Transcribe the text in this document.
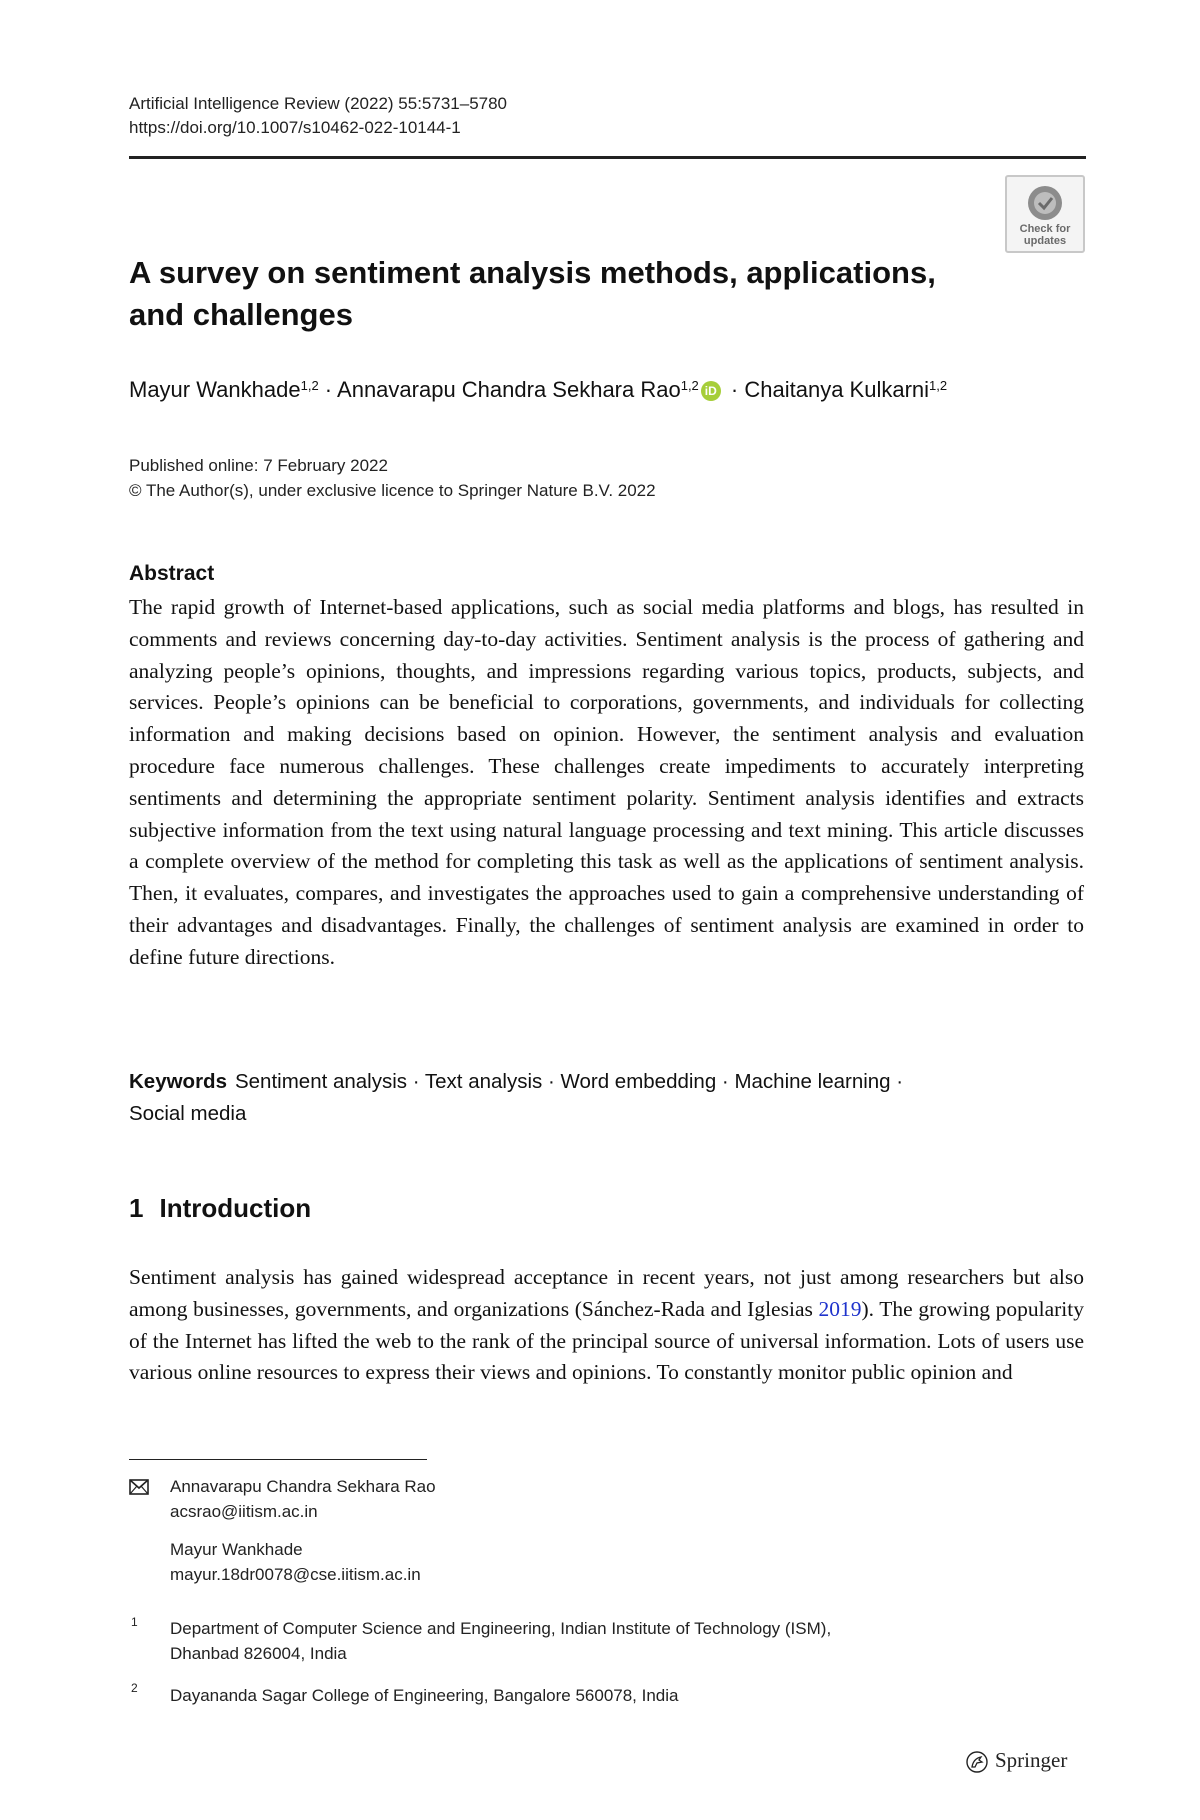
Artificial Intelligence Review (2022) 55:5731–5780
https://doi.org/10.1007/s10462-022-10144-1
Check for updates
A survey on sentiment analysis methods, applications, and challenges
Mayur Wankhade$^{1,2}$ · Annavarapu Chandra Sekhara Rao$^{1,2}$ iD · Chaitanya Kulkarni$^{1,2}$
Published online: 7 February 2022
© The Author(s), under exclusive licence to Springer Nature B.V. 2022
Abstract
The rapid growth of Internet-based applications, such as social media platforms and blogs, has resulted in comments and reviews concerning day-to-day activities. Sentiment analysis is the process of gathering and analyzing people’s opinions, thoughts, and impressions regarding various topics, products, subjects, and services. People’s opinions can be beneficial to corporations, governments, and individuals for collecting information and making decisions based on opinion. However, the sentiment analysis and evaluation procedure face numerous challenges. These challenges create impediments to accurately interpreting sentiments and determining the appropriate sentiment polarity. Sentiment analysis identifies and extracts subjective information from the text using natural language processing and text mining. This article discusses a complete overview of the method for completing this task as well as the applications of sentiment analysis. Then, it evaluates, compares, and investigates the approaches used to gain a comprehensive understanding of their advantages and disadvantages. Finally, the challenges of sentiment analysis are examined in order to define future directions.
Keywords Sentiment analysis · Text analysis · Word embedding · Machine learning ·
Social media
1 Introduction
Sentiment analysis has gained widespread acceptance in recent years, not just among researchers but also among businesses, governments, and organizations (Sánchez-Rada and Iglesias 2019). The growing popularity of the Internet has lifted the web to the rank of the principal source of universal information. Lots of users use various online resources to express their views and opinions. To constantly monitor public opinion and
Annavarapu Chandra Sekhara Rao
acsrao@iitism.ac.in
Mayur Wankhade
mayur.18dr0078@cse.iitism.ac.in
1 Department of Computer Science and Engineering, Indian Institute of Technology (ISM),
Dhanbad 826004, India
2 Dayananda Sagar College of Engineering, Bangalore 560078, India
Springer
